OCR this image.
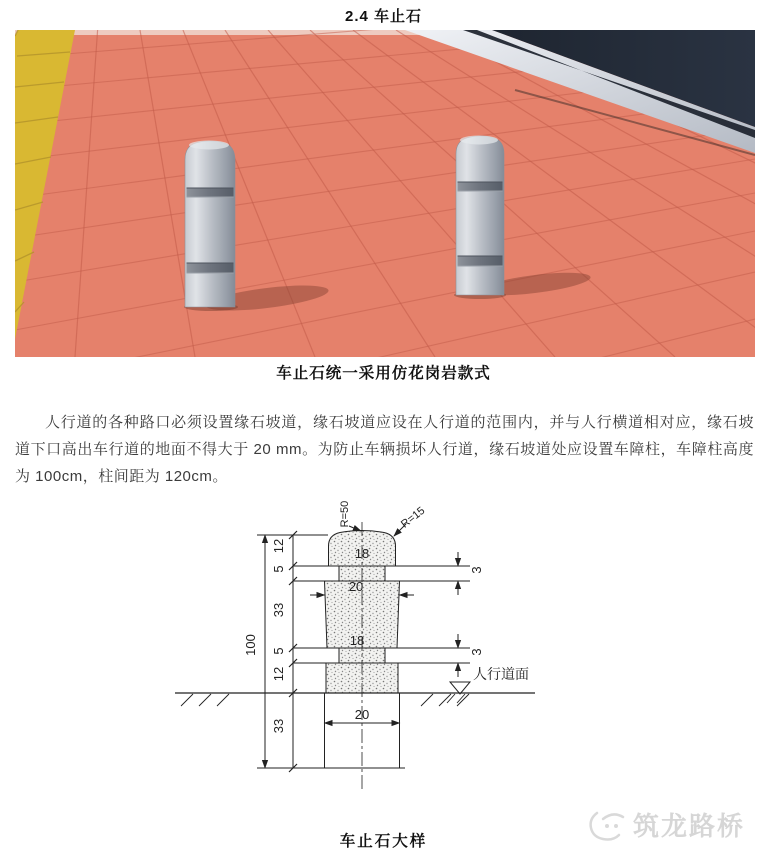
2.4 车止石
车止石统一采用仿花岗岩款式
人行道的各种路口必须设置缘石坡道，缘石坡道应设在人行道的范围内，并与人行横道相对应，缘石坡道下口高出车行道的地面不得大于 20 mm。为防止车辆损坏人行道，缘石坡道处应设置车障柱，车障柱高度为 100cm，柱间距为 120cm。
100
12
5
33
5
12
33
18
20
18
20
3
3
R=50	R=15
人行道面
车止石大样
筑龙路桥
